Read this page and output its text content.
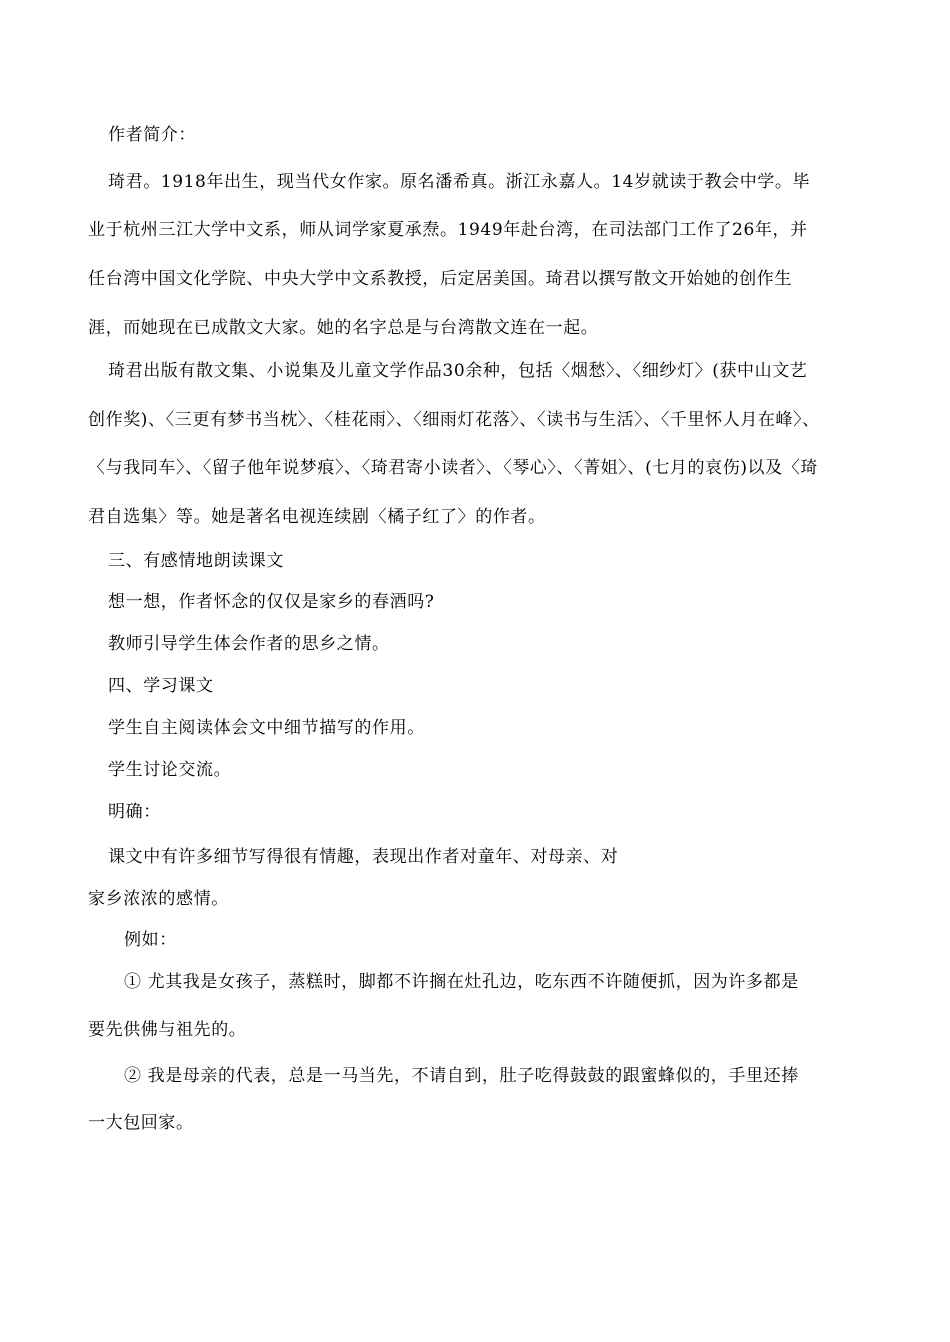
作者简介：
琦君。1918年出生，现当代女作家。原名潘希真。浙江永嘉人。14岁就读于教会中学。毕
业于杭州三江大学中文系，师从词学家夏承焘。1949年赴台湾，在司法部门工作了26年，并
任台湾中国文化学院、中央大学中文系教授，后定居美国。琦君以撰写散文开始她的创作生
涯，而她现在已成散文大家。她的名字总是与台湾散文连在一起。
琦君出版有散文集、小说集及儿童文学作品30余种，包括〈烟愁〉、〈细纱灯〉(获中山文艺
创作奖)、〈三更有梦书当枕〉、〈桂花雨〉、〈细雨灯花落〉、〈读书与生活〉、〈千里怀人月在峰〉、
〈与我同车〉、〈留子他年说梦痕〉、〈琦君寄小读者〉、〈琴心〉、〈菁姐〉、(七月的哀伤)以及〈琦
君自选集〉等。她是著名电视连续剧〈橘子红了〉的作者。
三、有感情地朗读课文
想一想，作者怀念的仅仅是家乡的春酒吗?
教师引导学生体会作者的思乡之情。
四、学习课文
学生自主阅读体会文中细节描写的作用。
学生讨论交流。
明确：
课文中有许多细节写得很有情趣，表现出作者对童年、对母亲、对
家乡浓浓的感情。
例如：
① 尤其我是女孩子，蒸糕时，脚都不许搁在灶孔边，吃东西不许随便抓，因为许多都是
要先供佛与祖先的。
② 我是母亲的代表，总是一马当先，不请自到，肚子吃得鼓鼓的跟蜜蜂似的，手里还捧
一大包回家。
